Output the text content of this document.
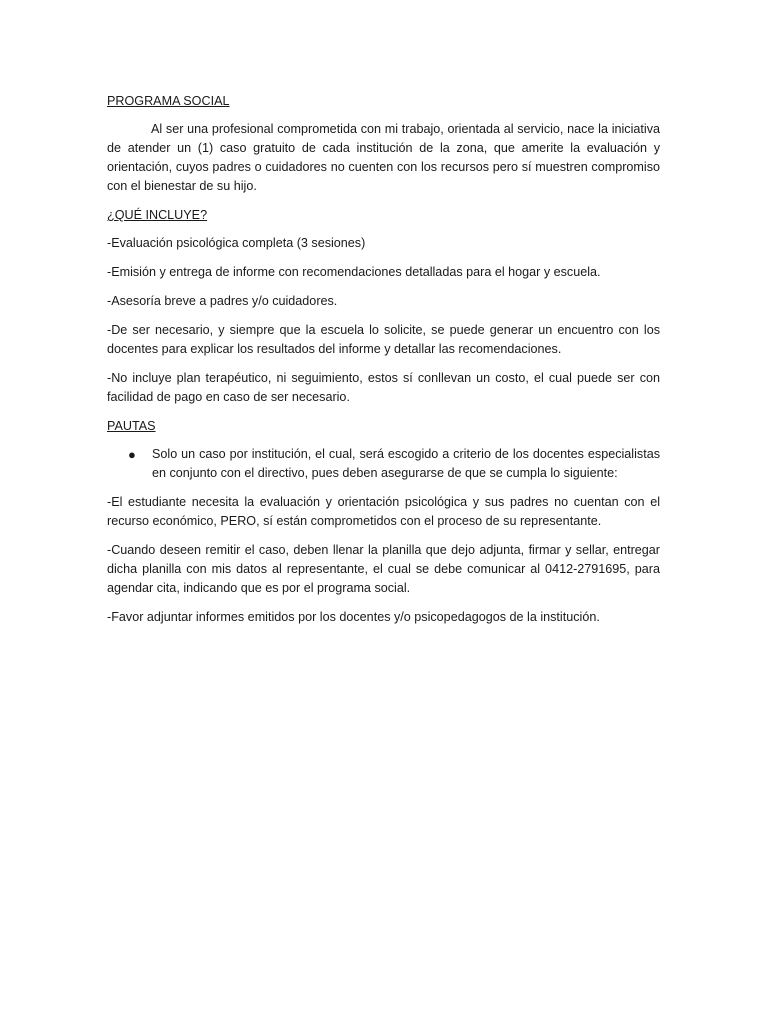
PROGRAMA SOCIAL

Al ser una profesional comprometida con mi trabajo, orientada al servicio, nace la iniciativa de atender un (1) caso gratuito de cada institución de la zona, que amerite la evaluación y orientación, cuyos padres o cuidadores no cuenten con los recursos pero sí muestren compromiso con el bienestar de su hijo.

¿QUÉ INCLUYE?

-Evaluación psicológica completa (3 sesiones)

-Emisión y entrega de informe con recomendaciones detalladas para el hogar y escuela.

-Asesoría breve a padres y/o cuidadores.

-De ser necesario, y siempre que la escuela lo solicite, se puede generar un encuentro con los docentes para explicar los resultados del informe y detallar las recomendaciones.

-No incluye plan terapéutico, ni seguimiento, estos sí conllevan un costo, el cual puede ser con facilidad de pago en caso de ser necesario.

PAUTAS
● Solo un caso por institución, el cual, será escogido a criterio de los docentes especialistas en conjunto con el directivo, pues deben asegurarse de que se cumpla lo siguiente:

-El estudiante necesita la evaluación y orientación psicológica y sus padres no cuentan con el recurso económico, PERO, sí están comprometidos con el proceso de su representante.

-Cuando deseen remitir el caso, deben llenar la planilla que dejo adjunta, firmar y sellar, entregar dicha planilla con mis datos al representante, el cual se debe comunicar al 0412-2791695, para agendar cita, indicando que es por el programa social.

-Favor adjuntar informes emitidos por los docentes y/o psicopedagogos de la institución.
